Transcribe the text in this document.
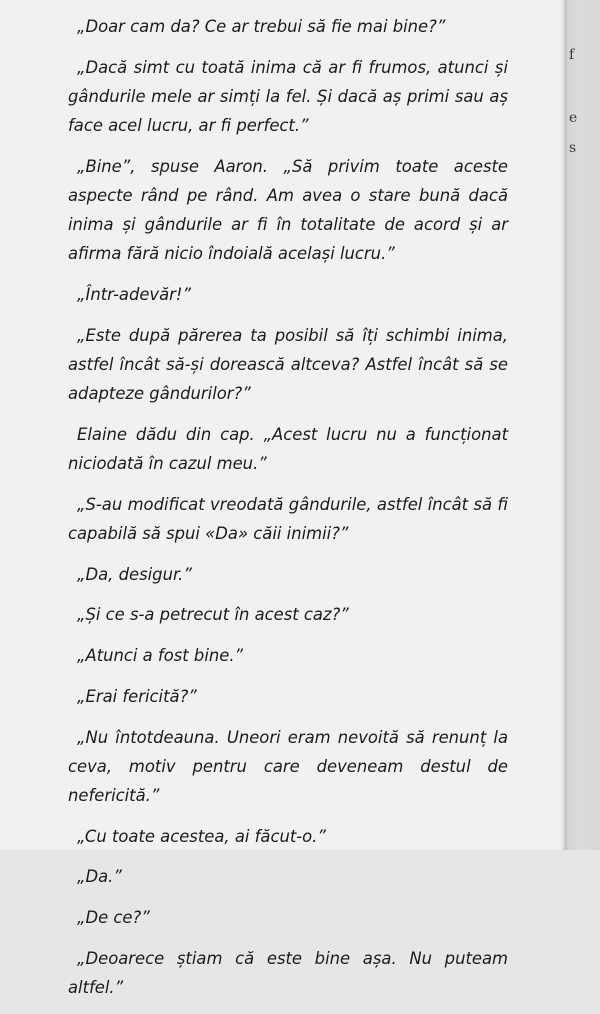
„Doar cam da? Ce ar trebui să fie mai bine?”

„Dacă simt cu toată inima că ar fi frumos, atunci și gândurile mele ar simți la fel. Și dacă aș primi sau aș face acel lucru, ar fi perfect.”

„Bine”, spuse Aaron. „Să privim toate aceste aspecte rând pe rând. Am avea o stare bună dacă inima și gândurile ar fi în totalitate de acord și ar afirma fără nicio îndoială același lucru.”

„Într-adevăr!”

„Este după părerea ta posibil să îți schimbi inima, astfel încât să-și dorească altceva? Astfel încât să se adapteze gândurilor?”

Elaine dădu din cap. „Acest lucru nu a funcționat niciodată în cazul meu.”

„S-au modificat vreodată gândurile, astfel încât să fi capabilă să spui «Da» căii inimii?”

„Da, desigur.”

„Și ce s-a petrecut în acest caz?”

„Atunci a fost bine.”

„Erai fericită?”

„Nu întotdeauna. Uneori eram nevoită să renunț la ceva, motiv pentru care deveneam destul de nefericită.”

„Cu toate acestea, ai făcut-o.”

„Da.”

„De ce?”

„Deoarece știam că este bine așa. Nu puteam altfel.”

f
e
s
